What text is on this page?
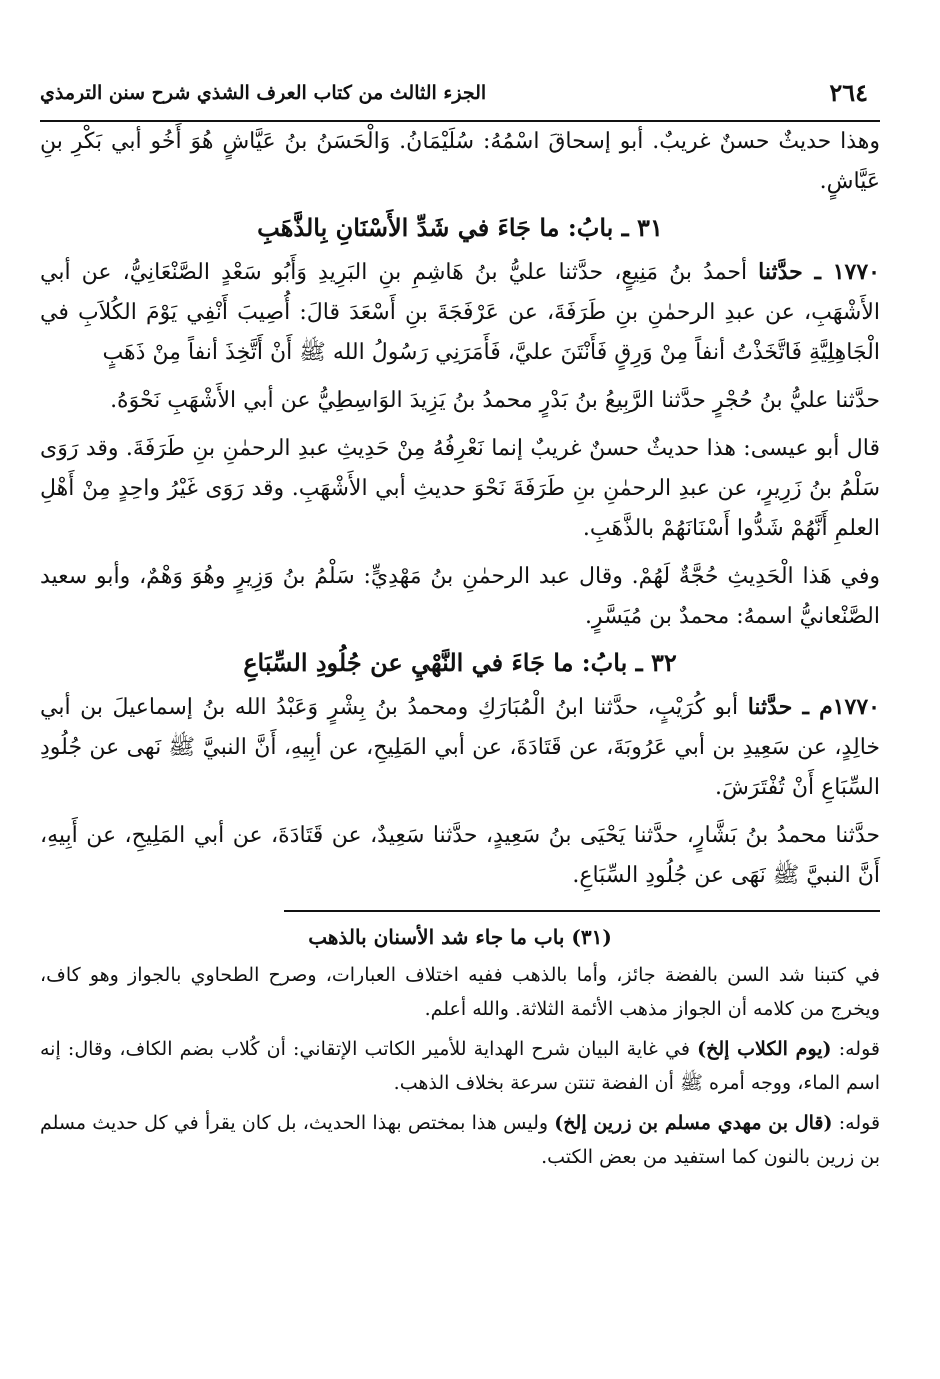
٢٦٤
الجزء الثالث من كتاب العرف الشذي شرح سنن الترمذي

وهذا حديثٌ حسنٌ غريبٌ. أبو إسحاقَ اسْمُهُ: سُلَيْمَانُ. وَالْحَسَنُ بنُ عَيَّاشٍ هُوَ أَخُو أبي بَكْرِ بنِ عَيَّاشٍ.

٣١ ـ بابُ: ما جَاءَ في شَدِّ الأَسْنَانِ بِالذَّهَبِ

١٧٧٠ ـ حدَّثنا أحمدُ بنُ مَنِيعٍ، حدَّثنا عليُّ بنُ هَاشِمِ بنِ البَرِيدِ وَأَبُو سَعْدٍ الصَّنْعَانِيُّ، عن أبي الأَشْهَبِ، عن عبدِ الرحمٰنِ بنِ طَرَفَةَ، عن عَرْفَجَةَ بنِ أَسْعَدَ قالَ: أُصِيبَ أَنْفِي يَوْمَ الكُلاَبِ في الْجَاهِلِيَّةِ فَاتَّخَذْتُ أنفاً مِنْ وَرِقٍ فَأَنْتَنَ عليَّ، فَأَمَرَنِي رَسُولُ الله ﷺ أَنْ أَتَّخِذَ أنفاً مِنْ ذَهَبٍ

حدَّثنا عليُّ بنُ حُجْرٍ حدَّثنا الرَّبِيعُ بنُ بَدْرٍ محمدُ بنُ يَزِيدَ الوَاسِطِيُّ عن أبي الأَشْهَبِ نَحْوَهُ.

قال أبو عيسى: هذا حديثٌ حسنٌ غريبٌ إنما نَعْرِفُهُ مِنْ حَدِيثِ عبدِ الرحمٰنِ بنِ طَرَفَةَ. وقد رَوَى سَلْمُ بنُ زَرِيرٍ، عن عبدِ الرحمٰنِ بنِ طَرَفَةَ نَحْوَ حديثِ أبي الأَشْهَبِ. وقد رَوَى غَيْرُ واحِدٍ مِنْ أَهْلِ العلمِ أَنَّهُمْ شَدُّوا أَسْنَانَهُمْ بالذَّهَبِ.

وفي هَذا الْحَدِيثِ حُجَّةٌ لَهُمْ. وقال عبد الرحمٰنِ بنُ مَهْدِيٍّ: سَلْمُ بنُ وَزِيرٍ وهُوَ وَهْمٌ، وأبو سعيد الصَّنْعانيُّ اسمهُ: محمدٌ بن مُيَسَّرٍ.

٣٢ ـ بابُ: ما جَاءَ في النَّهْيِ عن جُلُودِ السِّبَاعِ

١٧٧٠م ـ حدَّثنا أبو كُرَيْبٍ، حدَّثنا ابنُ الْمُبَارَكِ ومحمدُ بنُ بِشْرٍ وَعَبْدُ الله بنُ إسماعيلَ بن أبي خالِدٍ، عن سَعِيدِ بن أبي عَرُوبَةَ، عن قَتَادَةَ، عن أبي المَلِيحِ، عن أبِيهِ، أَنَّ النبيَّ ﷺ نَهى عن جُلُودِ السِّبَاعِ أَنْ تُفْتَرَشَ.

حدَّثنا محمدُ بنُ بَشَّارٍ، حدَّثنا يَحْيَى بنُ سَعِيدٍ، حدَّثنا سَعِيدٌ، عن قَتَادَةَ، عن أبي المَلِيحِ، عن أَبِيهِ، أَنَّ النبيَّ ﷺ نَهَى عن جُلُودِ السِّبَاعِ.

(٣١) باب ما جاء شد الأسنان بالذهب

في كتبنا شد السن بالفضة جائز، وأما بالذهب ففيه اختلاف العبارات، وصرح الطحاوي بالجواز وهو كاف، ويخرج من كلامه أن الجواز مذهب الأئمة الثلاثة. والله أعلم.

قوله: (يوم الكلاب إلخ) في غاية البيان شرح الهداية للأمير الكاتب الإتقاني: أن كُلاب بضم الكاف، وقال: إنه اسم الماء، ووجه أمره ﷺ أن الفضة تنتن سرعة بخلاف الذهب.

قوله: (قال بن مهدي مسلم بن زرين إلخ) وليس هذا بمختص بهذا الحديث، بل كان يقرأ في كل حديث مسلم بن زرين بالنون كما استفيد من بعض الكتب.
